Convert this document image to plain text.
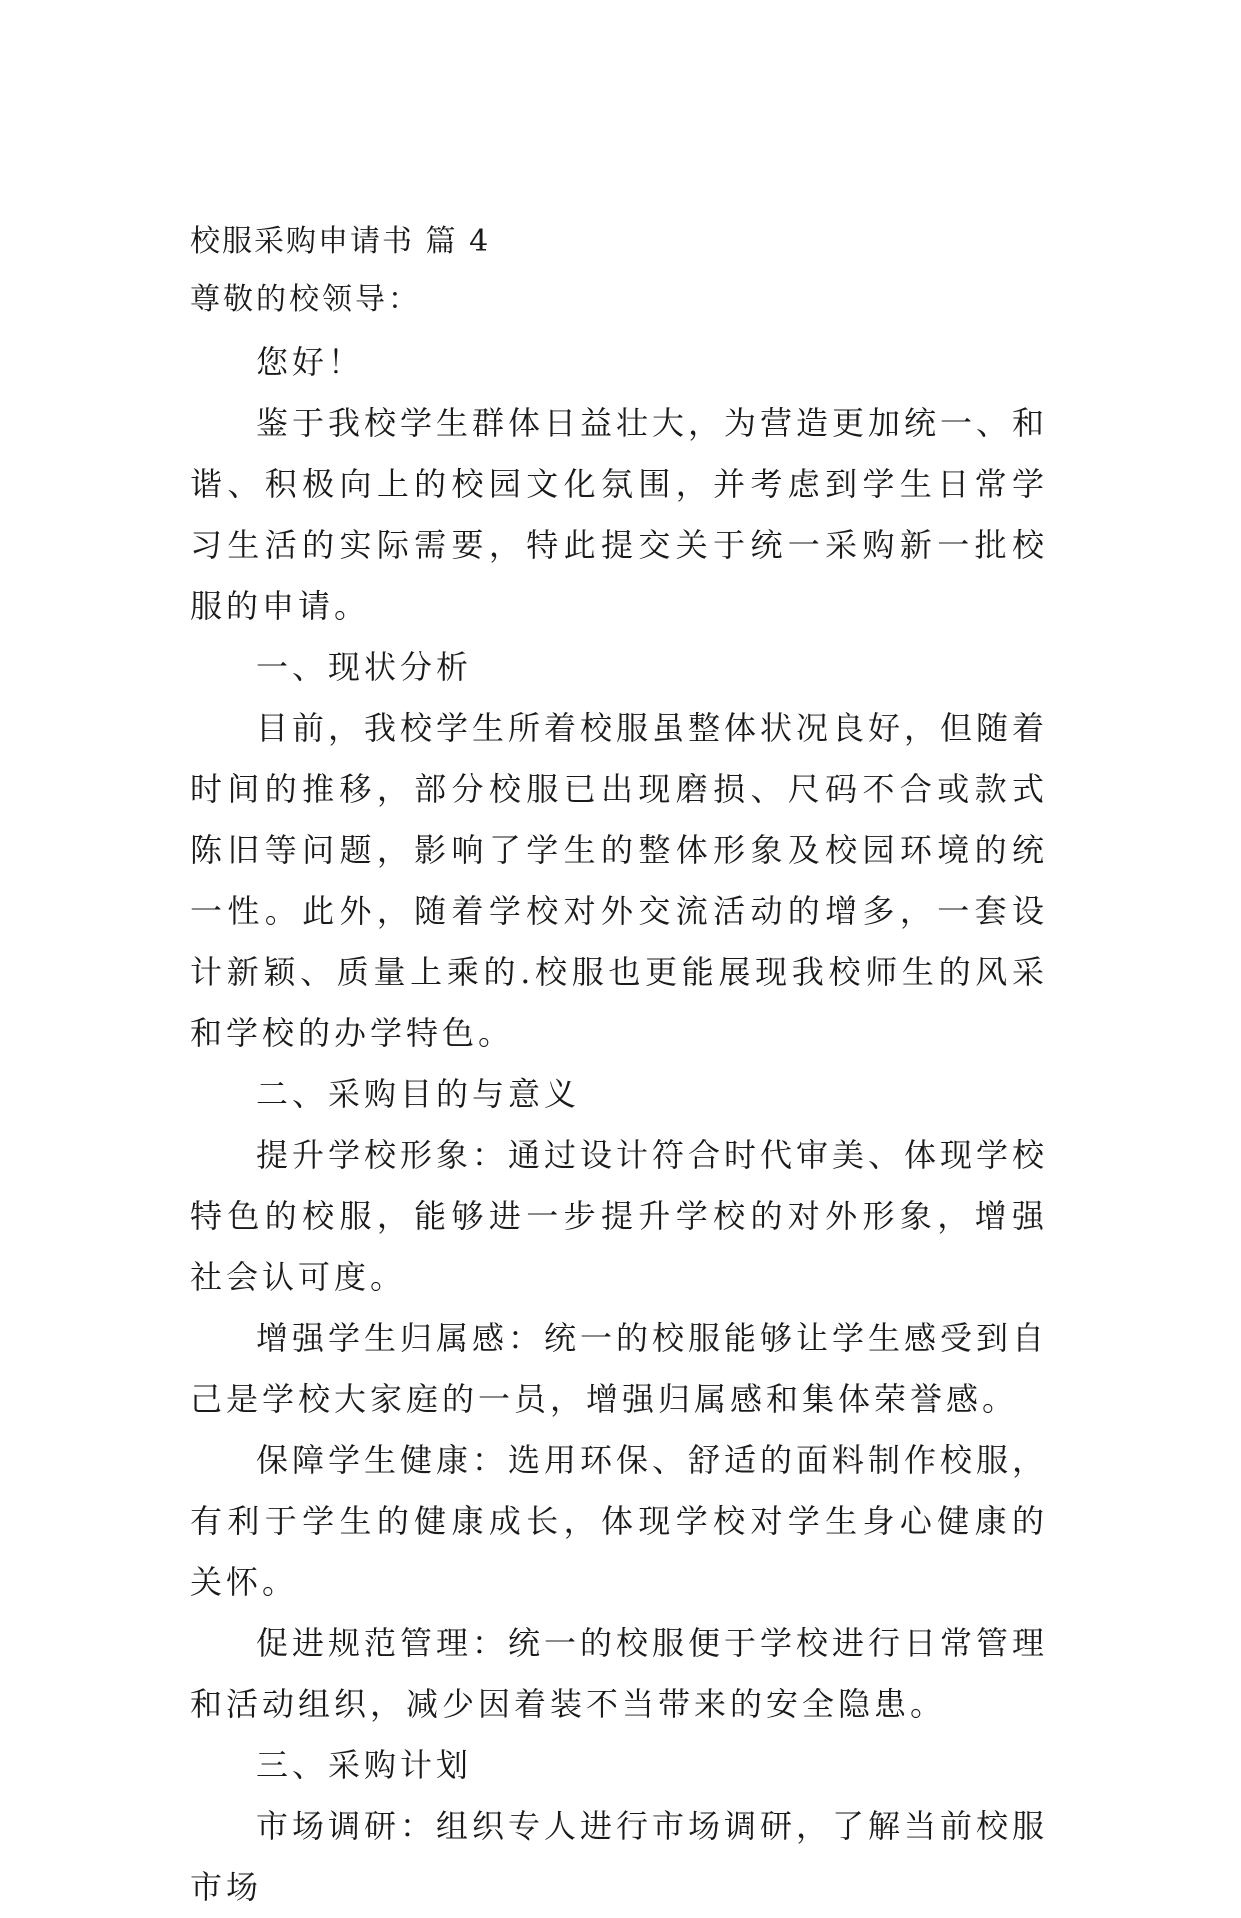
校服采购申请书 篇 4
尊敬的校领导：

您好！

鉴于我校学生群体日益壮大，为营造更加统一、和谐、积极向上的校园文化氛围，并考虑到学生日常学习生活的实际需要，特此提交关于统一采购新一批校服的申请。

一、现状分析

目前，我校学生所着校服虽整体状况良好，但随着时间的推移，部分校服已出现磨损、尺码不合或款式陈旧等问题，影响了学生的整体形象及校园环境的统一性。此外，随着学校对外交流活动的增多，一套设计新颖、质量上乘的.校服也更能展现我校师生的风采和学校的办学特色。

二、采购目的与意义

提升学校形象：通过设计符合时代审美、体现学校特色的校服，能够进一步提升学校的对外形象，增强社会认可度。

增强学生归属感：统一的校服能够让学生感受到自己是学校大家庭的一员，增强归属感和集体荣誉感。

保障学生健康：选用环保、舒适的面料制作校服，有利于学生的健康成长，体现学校对学生身心健康的关怀。

促进规范管理：统一的校服便于学校进行日常管理和活动组织，减少因着装不当带来的安全隐患。

三、采购计划

市场调研：组织专人进行市场调研，了解当前校服市场
